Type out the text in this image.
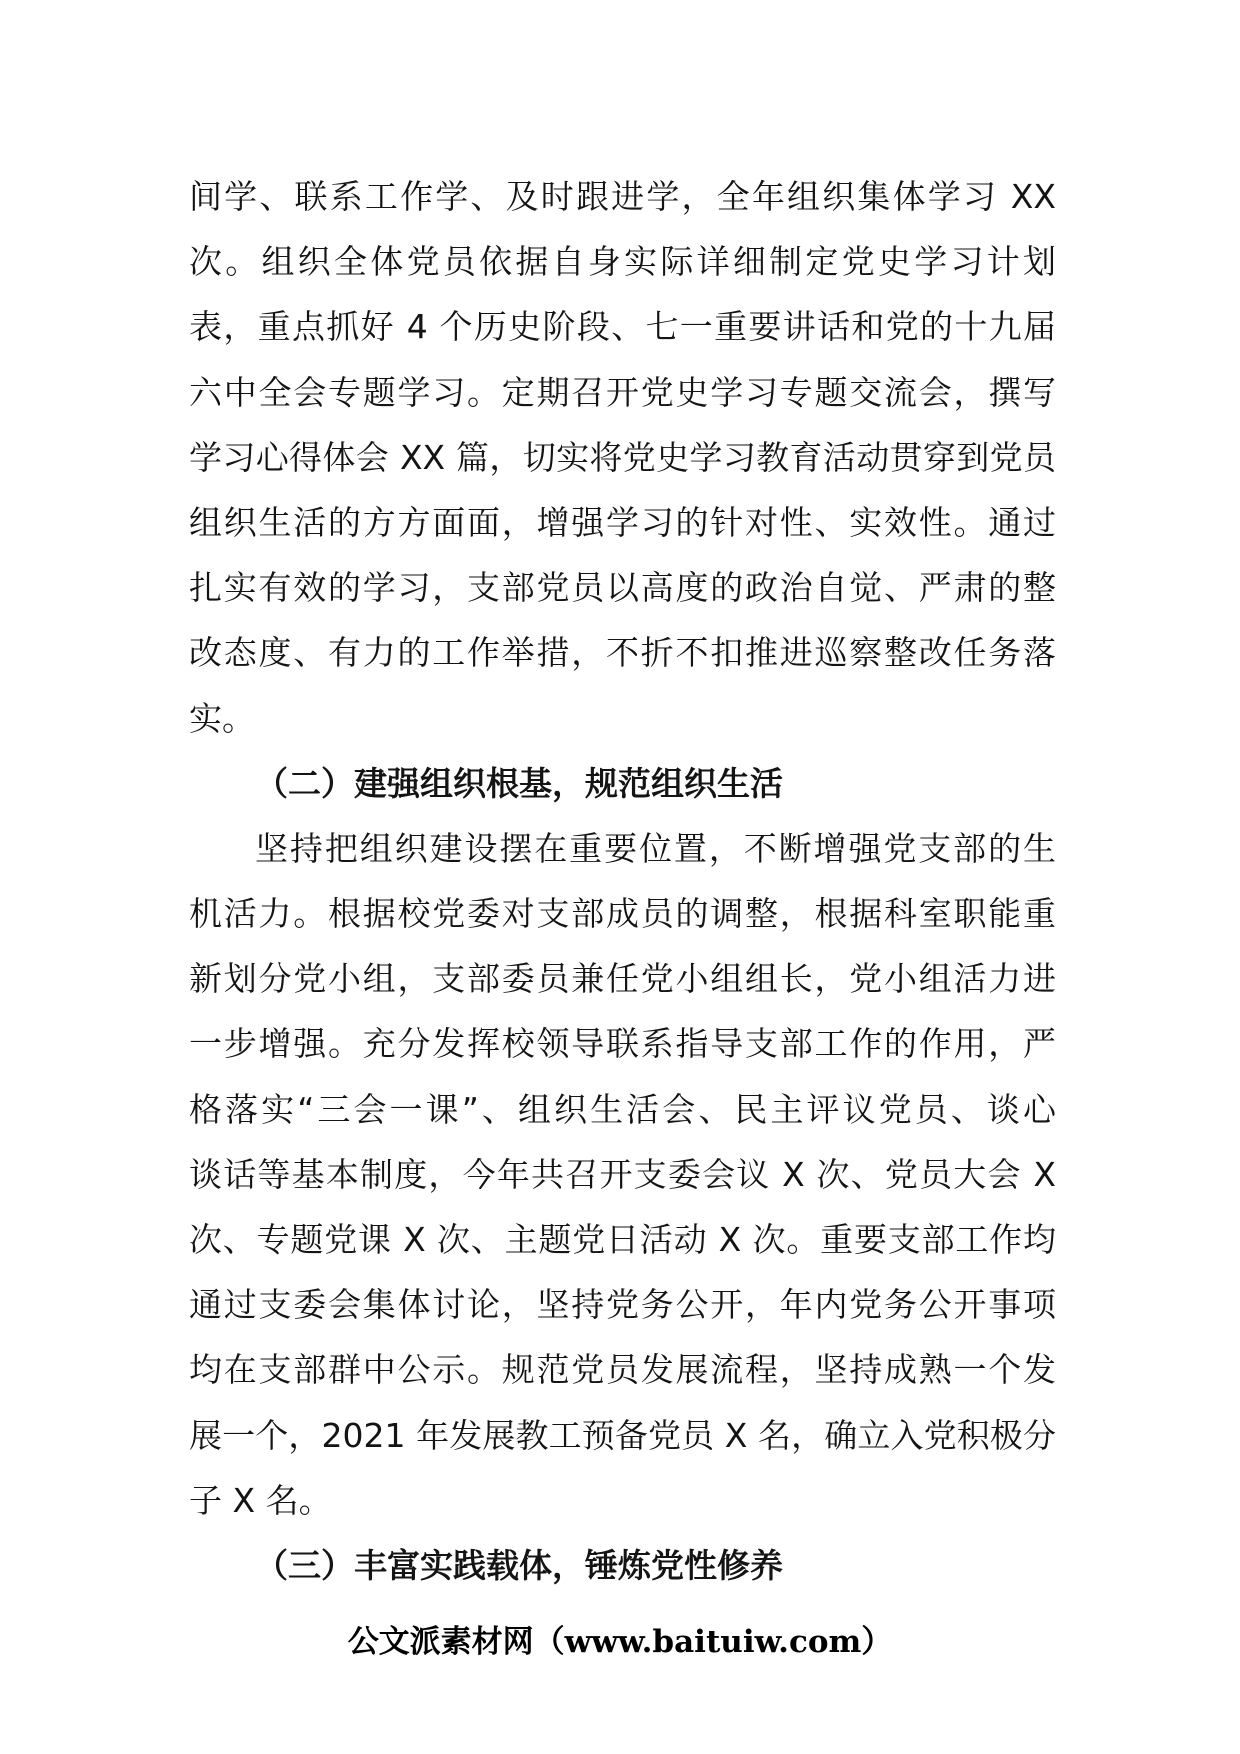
间学、联系工作学、及时跟进学，全年组织集体学习 XX
次。组织全体党员依据自身实际详细制定党史学习计划
表，重点抓好 4 个历史阶段、七一重要讲话和党的十九届
六中全会专题学习。定期召开党史学习专题交流会，撰写
学习心得体会 XX 篇，切实将党史学习教育活动贯穿到党员
组织生活的方方面面，增强学习的针对性、实效性。通过
扎实有效的学习，支部党员以高度的政治自觉、严肃的整
改态度、有力的工作举措，不折不扣推进巡察整改任务落
实。
（二）建强组织根基，规范组织生活
坚持把组织建设摆在重要位置，不断增强党支部的生
机活力。根据校党委对支部成员的调整，根据科室职能重
新划分党小组，支部委员兼任党小组组长，党小组活力进
一步增强。充分发挥校领导联系指导支部工作的作用，严
格落实“三会一课”、组织生活会、民主评议党员、谈心
谈话等基本制度，今年共召开支委会议 X 次、党员大会 X
次、专题党课 X 次、主题党日活动 X 次。重要支部工作均
通过支委会集体讨论，坚持党务公开，年内党务公开事项
均在支部群中公示。规范党员发展流程，坚持成熟一个发
展一个，2021 年发展教工预备党员 X 名，确立入党积极分
子 X 名。
（三）丰富实践载体，锤炼党性修养
公文派素材网（www.baituiw.com）
